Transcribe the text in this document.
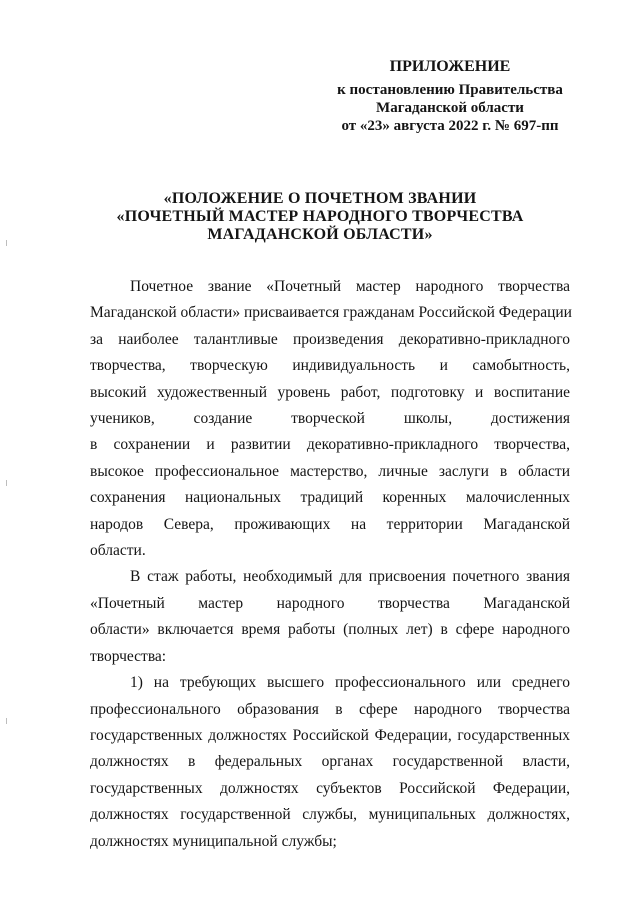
ПРИЛОЖЕНИЕ
к постановлению Правительства
Магаданской области
от «23» августа 2022 г. № 697-пп
«ПОЛОЖЕНИЕ О ПОЧЕТНОМ ЗВАНИИ
«ПОЧЕТНЫЙ МАСТЕР НАРОДНОГО ТВОРЧЕСТВА
МАГАДАНСКОЙ ОБЛАСТИ»

Почетное звание «Почетный мастер народного творчества
Магаданской области» присваивается гражданам Российской Федерации
за наиболее талантливые произведения декоративно-прикладного
творчества, творческую индивидуальность и самобытность,
высокий художественный уровень работ, подготовку и воспитание
учеников, создание творческой школы, достижения
в сохранении и развитии декоративно-прикладного творчества,
высокое профессиональное мастерство, личные заслуги в области
сохранения национальных традиций коренных малочисленных
народов Севера, проживающих на территории Магаданской
области.

В стаж работы, необходимый для присвоения почетного звания
«Почетный мастер народного творчества Магаданской
области» включается время работы (полных лет) в сфере народного
творчества:

1) на требующих высшего профессионального или среднего
профессионального образования в сфере народного творчества
государственных должностях Российской Федерации, государственных
должностях в федеральных органах государственной власти,
государственных должностях субъектов Российской Федерации,
должностях государственной службы, муниципальных должностях,
должностях муниципальной службы;
